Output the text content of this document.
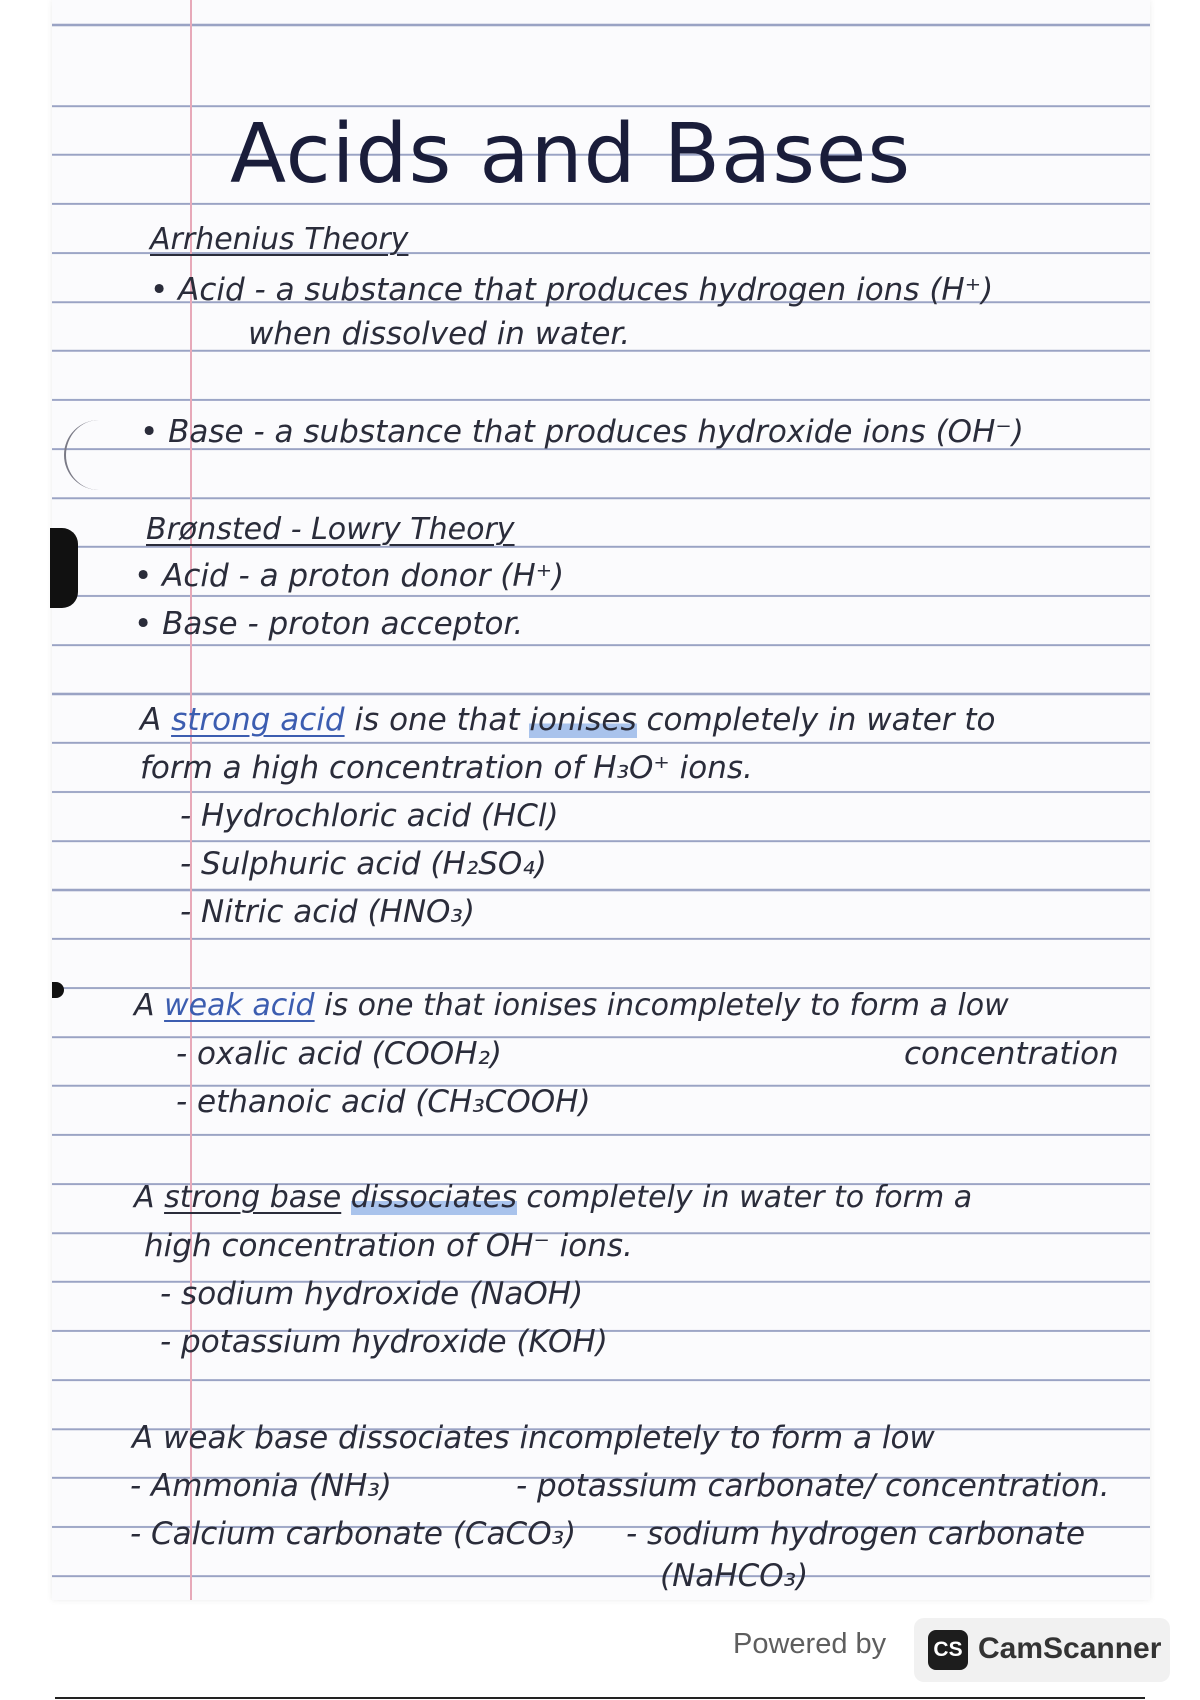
Acids and Bases
Arrhenius Theory
• Acid - a substance that produces hydrogen ions (H⁺)
when dissolved in water.
• Base - a substance that produces hydroxide ions (OH⁻)
Brønsted - Lowry Theory
• Acid - a proton donor (H⁺)
• Base - proton acceptor.
A strong acid is one that ionises completely in water to
form a high concentration of H₃O⁺ ions.
- Hydrochloric acid (HCl)
- Sulphuric acid (H₂SO₄)
- Nitric acid (HNO₃)
A weak acid is one that ionises incompletely to form a low
- oxalic acid (COOH₂)	concentration
- ethanoic acid (CH₃COOH)
A strong base dissociates completely in water to form a
high concentration of OH⁻ ions.
- sodium hydroxide (NaOH)
- potassium hydroxide (KOH)
A weak base dissociates incompletely to form a low
- Ammonia (NH₃)
- Calcium carbonate (CaCO₃)
- potassium carbonate/ concentration.
- sodium hydrogen carbonate
(NaHCO₃)
Powered by CS CamScanner
